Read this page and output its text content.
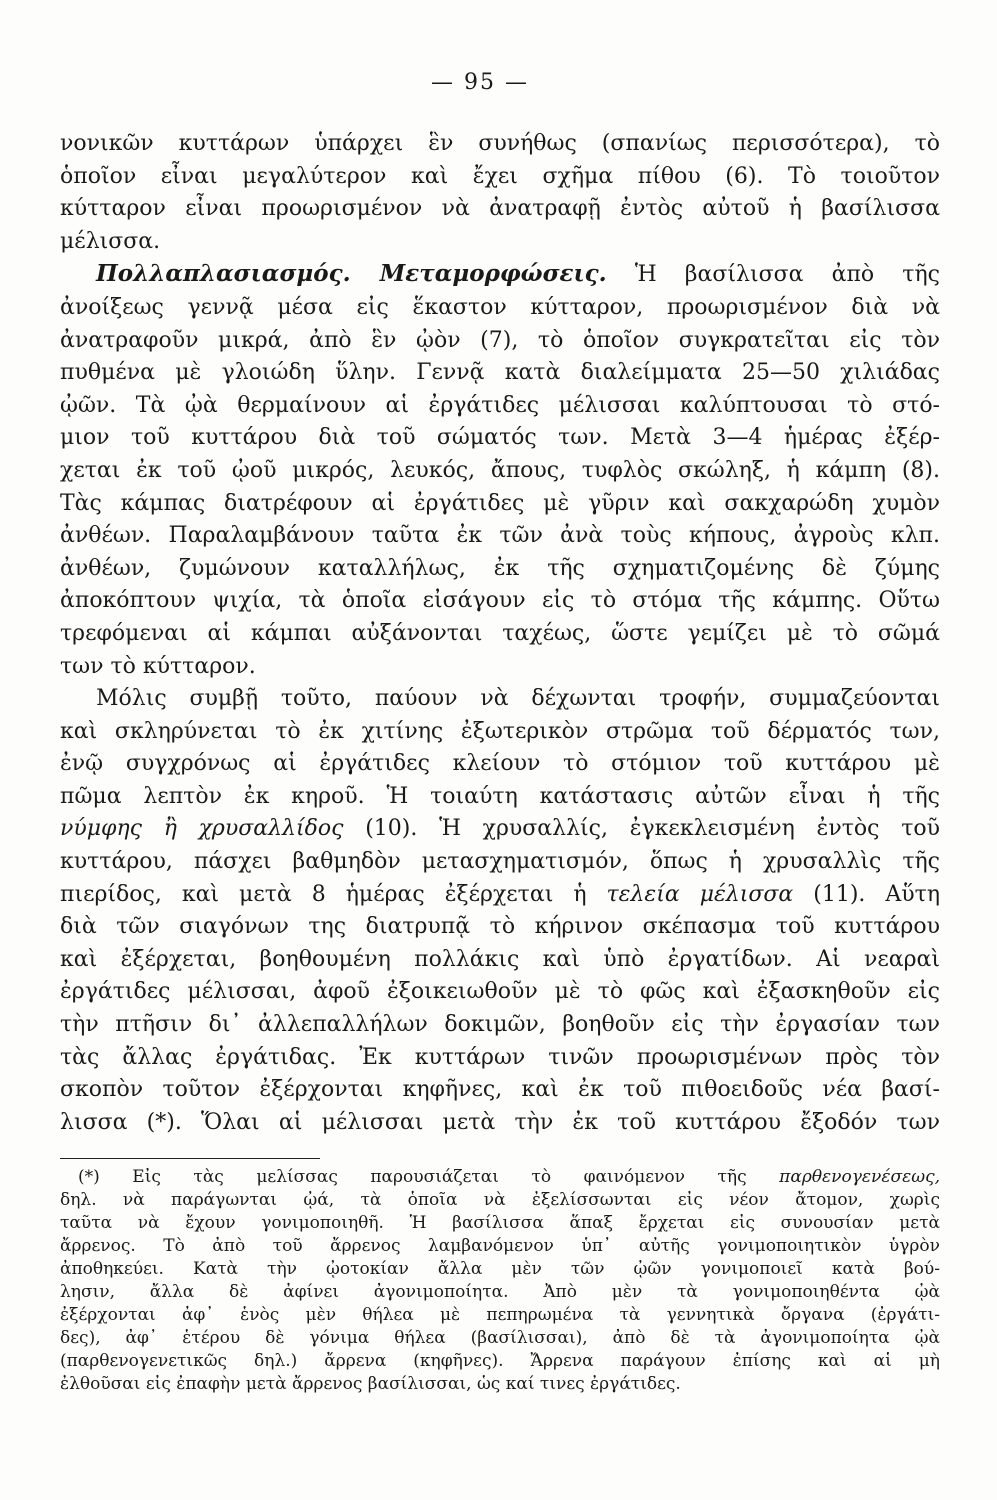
— 95 —
νονικῶν κυττάρων ὑπάρχει ἓν συνήθως (σπανίως περισσότερα), τὸ
ὁποῖον εἶναι μεγαλύτερον καὶ ἔχει σχῆμα πίθου (6). Τὸ τοιοῦτον
κύτταρον εἶναι προωρισμένον νὰ ἀνατραφῇ ἐντὸς αὐτοῦ ἡ βασίλισσα
μέλισσα.
Πολλαπλασιασμός. Μεταμορφώσεις. Ἡ βασίλισσα ἀπὸ τῆς
ἀνοίξεως γεννᾷ μέσα εἰς ἕκαστον κύτταρον, προωρισμένον διὰ νὰ
ἀνατραφοῦν μικρά, ἀπὸ ἓν ᾠὸν (7), τὸ ὁποῖον συγκρατεῖται εἰς τὸν
πυθμένα μὲ γλοιώδη ὕλην. Γεννᾷ κατὰ διαλείμματα 25—50 χιλιάδας
ᾠῶν. Τὰ ᾠὰ θερμαίνουν αἱ ἐργάτιδες μέλισσαι καλύπτουσαι τὸ στό-
μιον τοῦ κυττάρου διὰ τοῦ σώματός των. Μετὰ 3—4 ἡμέρας ἐξέρ-
χεται ἐκ τοῦ ᾠοῦ μικρός, λευκός, ἄπους, τυφλὸς σκώληξ, ἡ κάμπη (8).
Τὰς κάμπας διατρέφουν αἱ ἐργάτιδες μὲ γῦριν καὶ σακχαρώδη χυμὸν
ἀνθέων. Παραλαμβάνουν ταῦτα ἐκ τῶν ἀνὰ τοὺς κήπους, ἀγροὺς κλπ.
ἀνθέων, ζυμώνουν καταλλήλως, ἐκ τῆς σχηματιζομένης δὲ ζύμης
ἀποκόπτουν ψιχία, τὰ ὁποῖα εἰσάγουν εἰς τὸ στόμα τῆς κάμπης. Οὕτω
τρεφόμεναι αἱ κάμπαι αὐξάνονται ταχέως, ὥστε γεμίζει μὲ τὸ σῶμά
των τὸ κύτταρον.
Μόλις συμβῇ τοῦτο, παύουν νὰ δέχωνται τροφήν, συμμαζεύονται
καὶ σκληρύνεται τὸ ἐκ χιτίνης ἐξωτερικὸν στρῶμα τοῦ δέρματός των,
ἐνῷ συγχρόνως αἱ ἐργάτιδες κλείουν τὸ στόμιον τοῦ κυττάρου μὲ
πῶμα λεπτὸν ἐκ κηροῦ. Ἡ τοιαύτη κατάστασις αὐτῶν εἶναι ἡ τῆς
νύμφης ἢ χρυσαλλίδος (10). Ἡ χρυσαλλίς, ἐγκεκλεισμένη ἐντὸς τοῦ
κυττάρου, πάσχει βαθμηδὸν μετασχηματισμόν, ὅπως ἡ χρυσαλλὶς τῆς
πιερίδος, καὶ μετὰ 8 ἡμέρας ἐξέρχεται ἡ τελεία μέλισσα (11). Αὕτη
διὰ τῶν σιαγόνων της διατρυπᾷ τὸ κήρινον σκέπασμα τοῦ κυττάρου
καὶ ἐξέρχεται, βοηθουμένη πολλάκις καὶ ὑπὸ ἐργατίδων. Αἱ νεαραὶ
ἐργάτιδες μέλισσαι, ἀφοῦ ἐξοικειωθοῦν μὲ τὸ φῶς καὶ ἐξασκηθοῦν εἰς
τὴν πτῆσιν δι᾽ ἀλλεπαλλήλων δοκιμῶν, βοηθοῦν εἰς τὴν ἐργασίαν των
τὰς ἄλλας ἐργάτιδας. Ἐκ κυττάρων τινῶν προωρισμένων πρὸς τὸν
σκοπὸν τοῦτον ἐξέρχονται κηφῆνες, καὶ ἐκ τοῦ πιθοειδοῦς νέα βασί-
λισσα (*). Ὅλαι αἱ μέλισσαι μετὰ τὴν ἐκ τοῦ κυττάρου ἔξοδόν των
(*) Εἰς τὰς μελίσσας παρουσιάζεται τὸ φαινόμενον τῆς παρθενογενέσεως,
δηλ. νὰ παράγωνται ᾠά, τὰ ὁποῖα νὰ ἐξελίσσωνται εἰς νέον ἄτομον, χωρὶς
ταῦτα νὰ ἔχουν γονιμοποιηθῆ. Ἡ βασίλισσα ἅπαξ ἔρχεται εἰς συνουσίαν μετὰ
ἄρρενος. Τὸ ἀπὸ τοῦ ἄρρενος λαμβανόμενον ὑπ᾽ αὐτῆς γονιμοποιητικὸν ὑγρὸν
ἀποθηκεύει. Κατὰ τὴν ᾠοτοκίαν ἄλλα μὲν τῶν ᾠῶν γονιμοποιεῖ κατὰ βού-
λησιν, ἄλλα δὲ ἀφίνει ἀγονιμοποίητα. Ἀπὸ μὲν τὰ γονιμοποιηθέντα ᾠὰ
ἐξέρχονται ἀφ᾽ ἑνὸς μὲν θήλεα μὲ πεπηρωμένα τὰ γεννητικὰ ὄργανα (ἐργάτι-
δες), ἀφ᾽ ἑτέρου δὲ γόνιμα θήλεα (βασίλισσαι), ἀπὸ δὲ τὰ ἀγονιμοποίητα ᾠὰ
(παρθενογενετικῶς δηλ.) ἄρρενα (κηφῆνες). Ἄρρενα παράγουν ἐπίσης καὶ αἱ μὴ
ἐλθοῦσαι εἰς ἐπαφὴν μετὰ ἄρρενος βασίλισσαι, ὡς καί τινες ἐργάτιδες.
